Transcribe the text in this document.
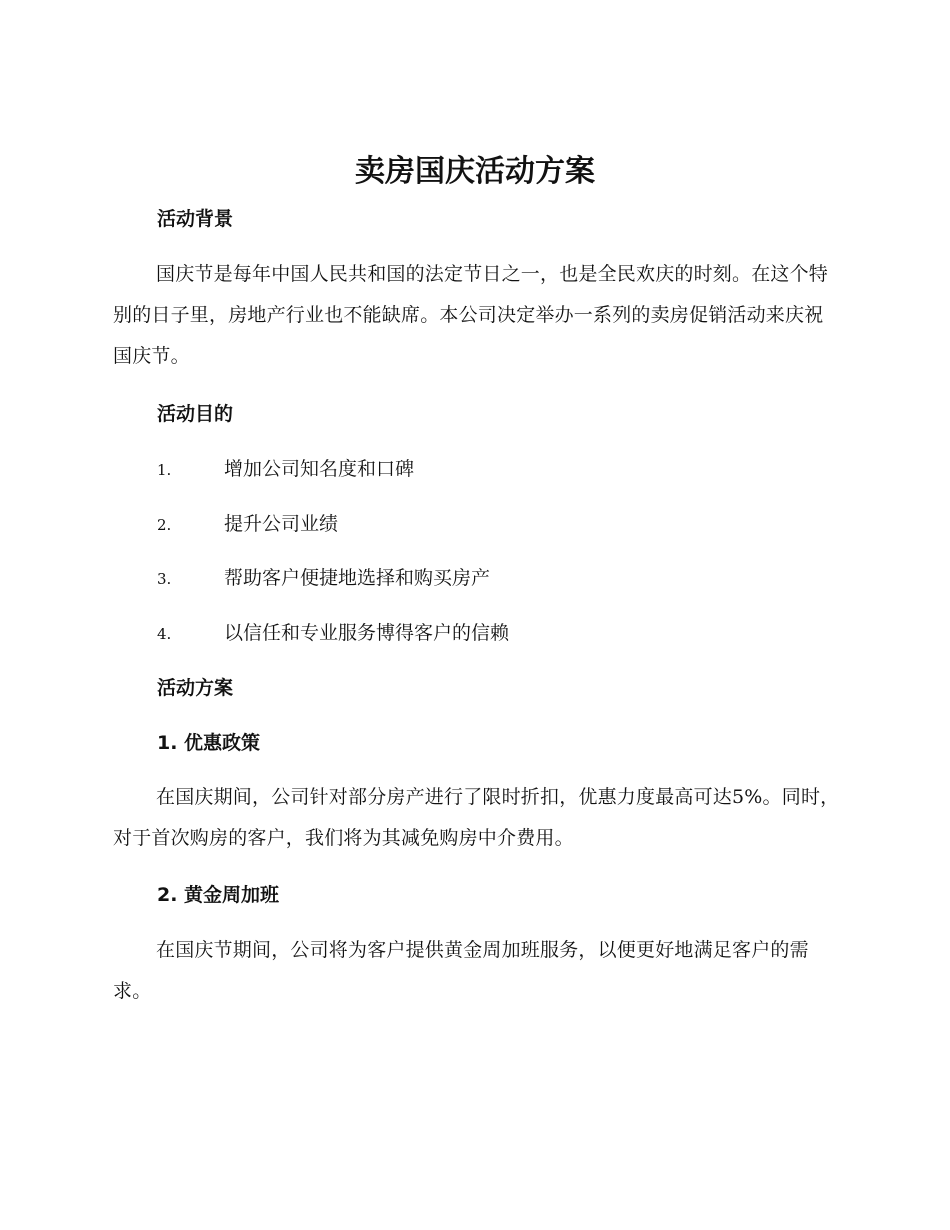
卖房国庆活动方案
活动背景

国庆节是每年中国人民共和国的法定节日之一，也是全民欢庆的时刻。在这个特别的日子里，房地产行业也不能缺席。本公司决定举办一系列的卖房促销活动来庆祝国庆节。

活动目的
1.	增加公司知名度和口碑
2.	提升公司业绩
3.	帮助客户便捷地选择和购买房产
4.	以信任和专业服务博得客户的信赖
活动方案
1. 优惠政策

在国庆期间，公司针对部分房产进行了限时折扣，优惠力度最高可达5%。同时，对于首次购房的客户，我们将为其减免购房中介费用。

2. 黄金周加班

在国庆节期间，公司将为客户提供黄金周加班服务，以便更好地满足客户的需求。
